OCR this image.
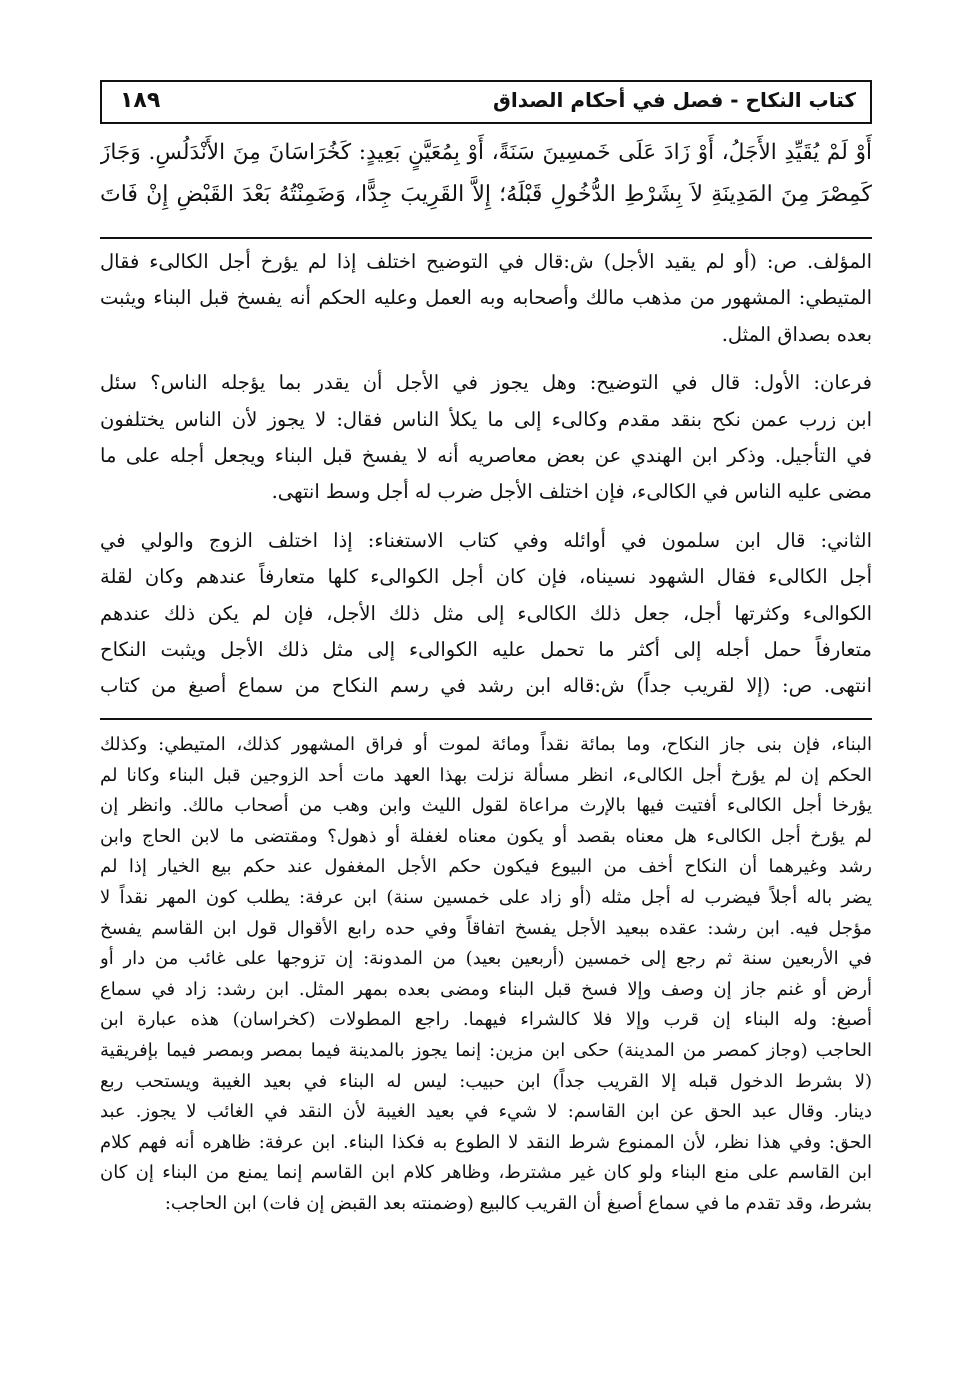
كتاب النكاح - فصل في أحكام الصداق
١٨٩
أَوْ لَمْ يُقَيِّدِ الأَجَلُ، أَوْ زَادَ عَلَى خَمسِينَ سَنَةً، أَوْ بِمُعَيَّنٍ بَعِيدٍ: كَخُرَاسَانَ مِنَ الأَنْدَلُسِ. وَجَازَ
كَمِصْرَ مِنَ المَدِينَةِ لاَ بِشَرْطِ الدُّخُولِ قَبْلَهُ؛ إِلاَّ القَرِيبَ جِدًّا، وَضَمِنْتُهُ بَعْدَ القَبْضِ إِنْ فَاتَ
المؤلف. ص: (أو لم يقيد الأجل) ش:قال في التوضيح اختلف إذا لم يؤرخ أجل الكالىء فقال
المتيطي: المشهور من مذهب مالك وأصحابه وبه العمل وعليه الحكم أنه يفسخ قبل البناء ويثبت
بعده بصداق المثل.
فرعان: الأول: قال في التوضيح: وهل يجوز في الأجل أن يقدر بما يؤجله الناس؟ سئل
ابن زرب عمن نكح بنقد مقدم وكالىء إلى ما يكلأ الناس فقال: لا يجوز لأن الناس يختلفون
في التأجيل. وذكر ابن الهندي عن بعض معاصريه أنه لا يفسخ قبل البناء ويجعل أجله على ما
مضى عليه الناس في الكالىء، فإن اختلف الأجل ضرب له أجل وسط انتهى.
الثاني: قال ابن سلمون في أوائله وفي كتاب الاستغناء: إذا اختلف الزوج والولي في
أجل الكالىء فقال الشهود نسيناه، فإن كان أجل الكوالىء كلها متعارفاً عندهم وكان لقلة
الكوالىء وكثرتها أجل، جعل ذلك الكالىء إلى مثل ذلك الأجل، فإن لم يكن ذلك عندهم
متعارفاً حمل أجله إلى أكثر ما تحمل عليه الكوالىء إلى مثل ذلك الأجل ويثبت النكاح
انتهى. ص: (إلا لقريب جداً) ش:قاله ابن رشد في رسم النكاح من سماع أصبغ من كتاب
البناء، فإن بنى جاز النكاح، وما بمائة نقداً ومائة لموت أو فراق المشهور كذلك، المتيطي: وكذلك
الحكم إن لم يؤرخ أجل الكالىء، انظر مسألة نزلت بهذا العهد مات أحد الزوجين قبل البناء وكانا لم
يؤرخا أجل الكالىء أفتيت فيها بالإرث مراعاة لقول الليث وابن وهب من أصحاب مالك. وانظر إن
لم يؤرخ أجل الكالىء هل معناه بقصد أو يكون معناه لغفلة أو ذهول؟ ومقتضى ما لابن الحاج وابن
رشد وغيرهما أن النكاح أخف من البيوع فيكون حكم الأجل المغفول عند حكم بيع الخيار إذا لم
يضر باله أجلاً فيضرب له أجل مثله (أو زاد على خمسين سنة) ابن عرفة: يطلب كون المهر نقداً لا
مؤجل فيه. ابن رشد: عقده ببعيد الأجل يفسخ اتفاقاً وفي حده رابع الأقوال قول ابن القاسم يفسخ
في الأربعين سنة ثم رجع إلى خمسين (أربعين بعيد) من المدونة: إن تزوجها على غائب من دار أو
أرض أو غنم جاز إن وصف وإلا فسخ قبل البناء ومضى بعده بمهر المثل. ابن رشد: زاد في سماع
أصبغ: وله البناء إن قرب وإلا فلا كالشراء فيهما. راجع المطولات (كخراسان) هذه عبارة ابن
الحاجب (وجاز كمصر من المدينة) حكى ابن مزين: إنما يجوز بالمدينة فيما بمصر وبمصر فيما بإفريقية
(لا بشرط الدخول قبله إلا القريب جداً) ابن حبيب: ليس له البناء في بعيد الغيبة ويستحب ربع
دينار. وقال عبد الحق عن ابن القاسم: لا شيء في بعيد الغيبة لأن النقد في الغائب لا يجوز. عبد
الحق: وفي هذا نظر، لأن الممنوع شرط النقد لا الطوع به فكذا البناء. ابن عرفة: ظاهره أنه فهم كلام
ابن القاسم على منع البناء ولو كان غير مشترط، وظاهر كلام ابن القاسم إنما يمنع من البناء إن كان
بشرط، وقد تقدم ما في سماع أصبغ أن القريب كالبيع (وضمنته بعد القبض إن فات) ابن الحاجب:
